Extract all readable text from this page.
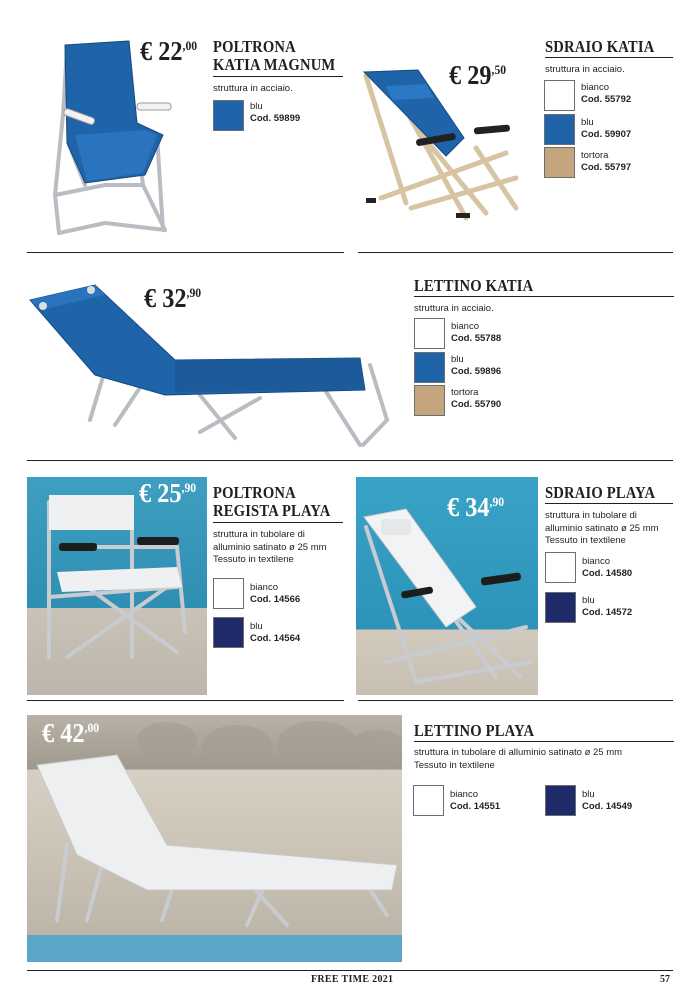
€ $22^{,00}$ POLTRONA
KATIA MAGNUM
struttura in acciaio.
blu
Cod. 59899
€ $29^{,50}$
SDRAIO KATIA
struttura in acciaio.
bianco
Cod. 55792
blu
Cod. 59907
tortora
Cod. 55797
€ $32^{,90}$	LETTINO KATIA
struttura in acciaio.
bianco
Cod. 55788
blu
Cod. 59896
tortora
Cod. 55790
€ $25^{,90}$ POLTRONA
REGISTA PLAYA
struttura in tubolare di
alluminio satinato ø 25 mm
Tessuto in textilene
bianco
Cod. 14566
blu
Cod. 14564
€ $34^{,90}$ SDRAIO PLAYA
struttura in tubolare di
alluminio satinato ø 25 mm
Tessuto in textilene
bianco
Cod. 14580
blu
Cod. 14572
€ $42^{,00}$	LETTINO PLAYA
struttura in tubolare di alluminio satinato ø 25 mm
Tessuto in textilene
bianco
Cod. 14551
blu
Cod. 14549
FREE TIME 2021	57
